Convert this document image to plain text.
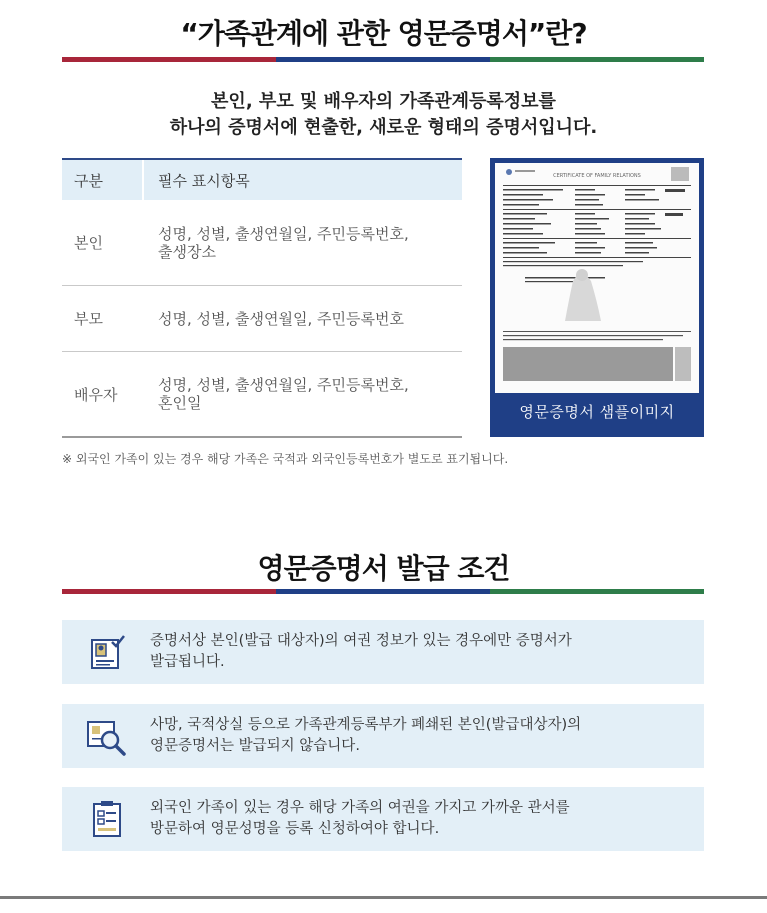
“가족관계에 관한 영문증명서”란?
본인, 부모 및 배우자의 가족관계등록정보를
하나의 증명서에 현출한, 새로운 형태의 증명서입니다.
구분	필수 표시항목
본인
성명, 성별, 출생연월일, 주민등록번호,
출생장소
부모	성명, 성별, 출생연월일, 주민등록번호
배우자
성명, 성별, 출생연월일, 주민등록번호,
혼인일
CERTIFICATE OF FAMILY RELATIONS
영문증명서 샘플이미지
※ 외국인 가족이 있는 경우 해당 가족은 국적과 외국인등록번호가 별도로 표기됩니다.
영문증명서 발급 조건
증명서상 본인(발급 대상자)의 여권 정보가 있는 경우에만 증명서가
발급됩니다.
사망, 국적상실 등으로 가족관계등록부가 폐쇄된 본인(발급대상자)의
영문증명서는 발급되지 않습니다.
외국인 가족이 있는 경우 해당 가족의 여권을 가지고 가까운 관서를
방문하여 영문성명을 등록 신청하여야 합니다.
